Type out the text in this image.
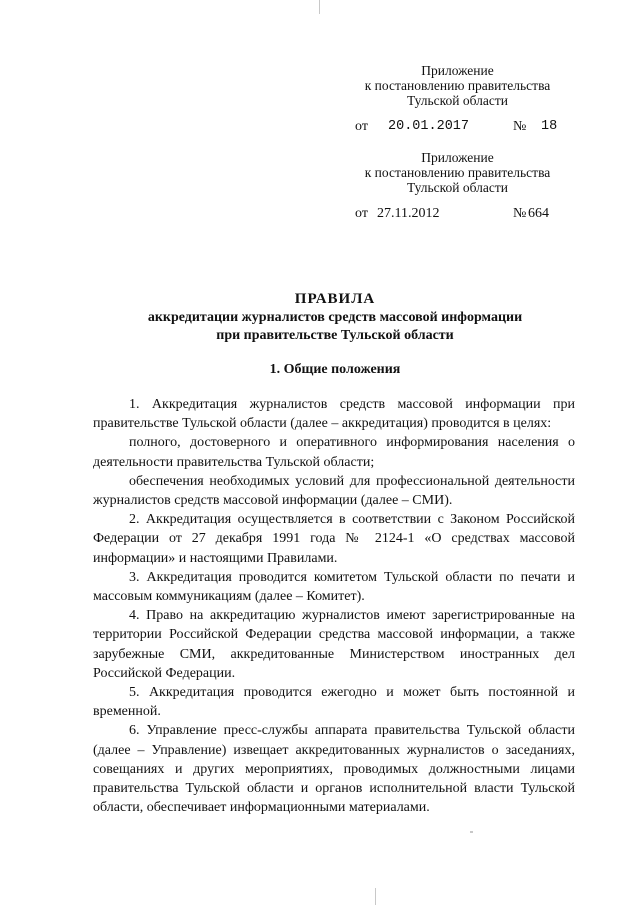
Приложение
к постановлению правительства
Тульской области
от 20.01.2017	№ 18
Приложение
к постановлению правительства
Тульской области
от 27.11.2012	№ 664
ПРАВИЛА
аккредитации журналистов средств массовой информации
при правительстве Тульской области
1. Общие положения

1. Аккредитация журналистов средств массовой информации при правительстве Тульской области (далее – аккредитация) проводится в целях:

полного, достоверного и оперативного информирования населения о деятельности правительства Тульской области;

обеспечения необходимых условий для профессиональной деятельности журналистов средств массовой информации (далее – СМИ).

2. Аккредитация осуществляется в соответствии с Законом Российской Федерации от 27 декабря 1991 года № 2124-1 «О средствах массовой информации» и настоящими Правилами.

3. Аккредитация проводится комитетом Тульской области по печати и массовым коммуникациям (далее – Комитет).

4. Право на аккредитацию журналистов имеют зарегистрированные на территории Российской Федерации средства массовой информации, а также зарубежные СМИ, аккредитованные Министерством иностранных дел Российской Федерации.

5. Аккредитация проводится ежегодно и может быть постоянной и временной.

6. Управление пресс-службы аппарата правительства Тульской области (далее – Управление) извещает аккредитованных журналистов о заседаниях, совещаниях и других мероприятиях, проводимых должностными лицами правительства Тульской области и органов исполнительной власти Тульской области, обеспечивает информационными материалами.
